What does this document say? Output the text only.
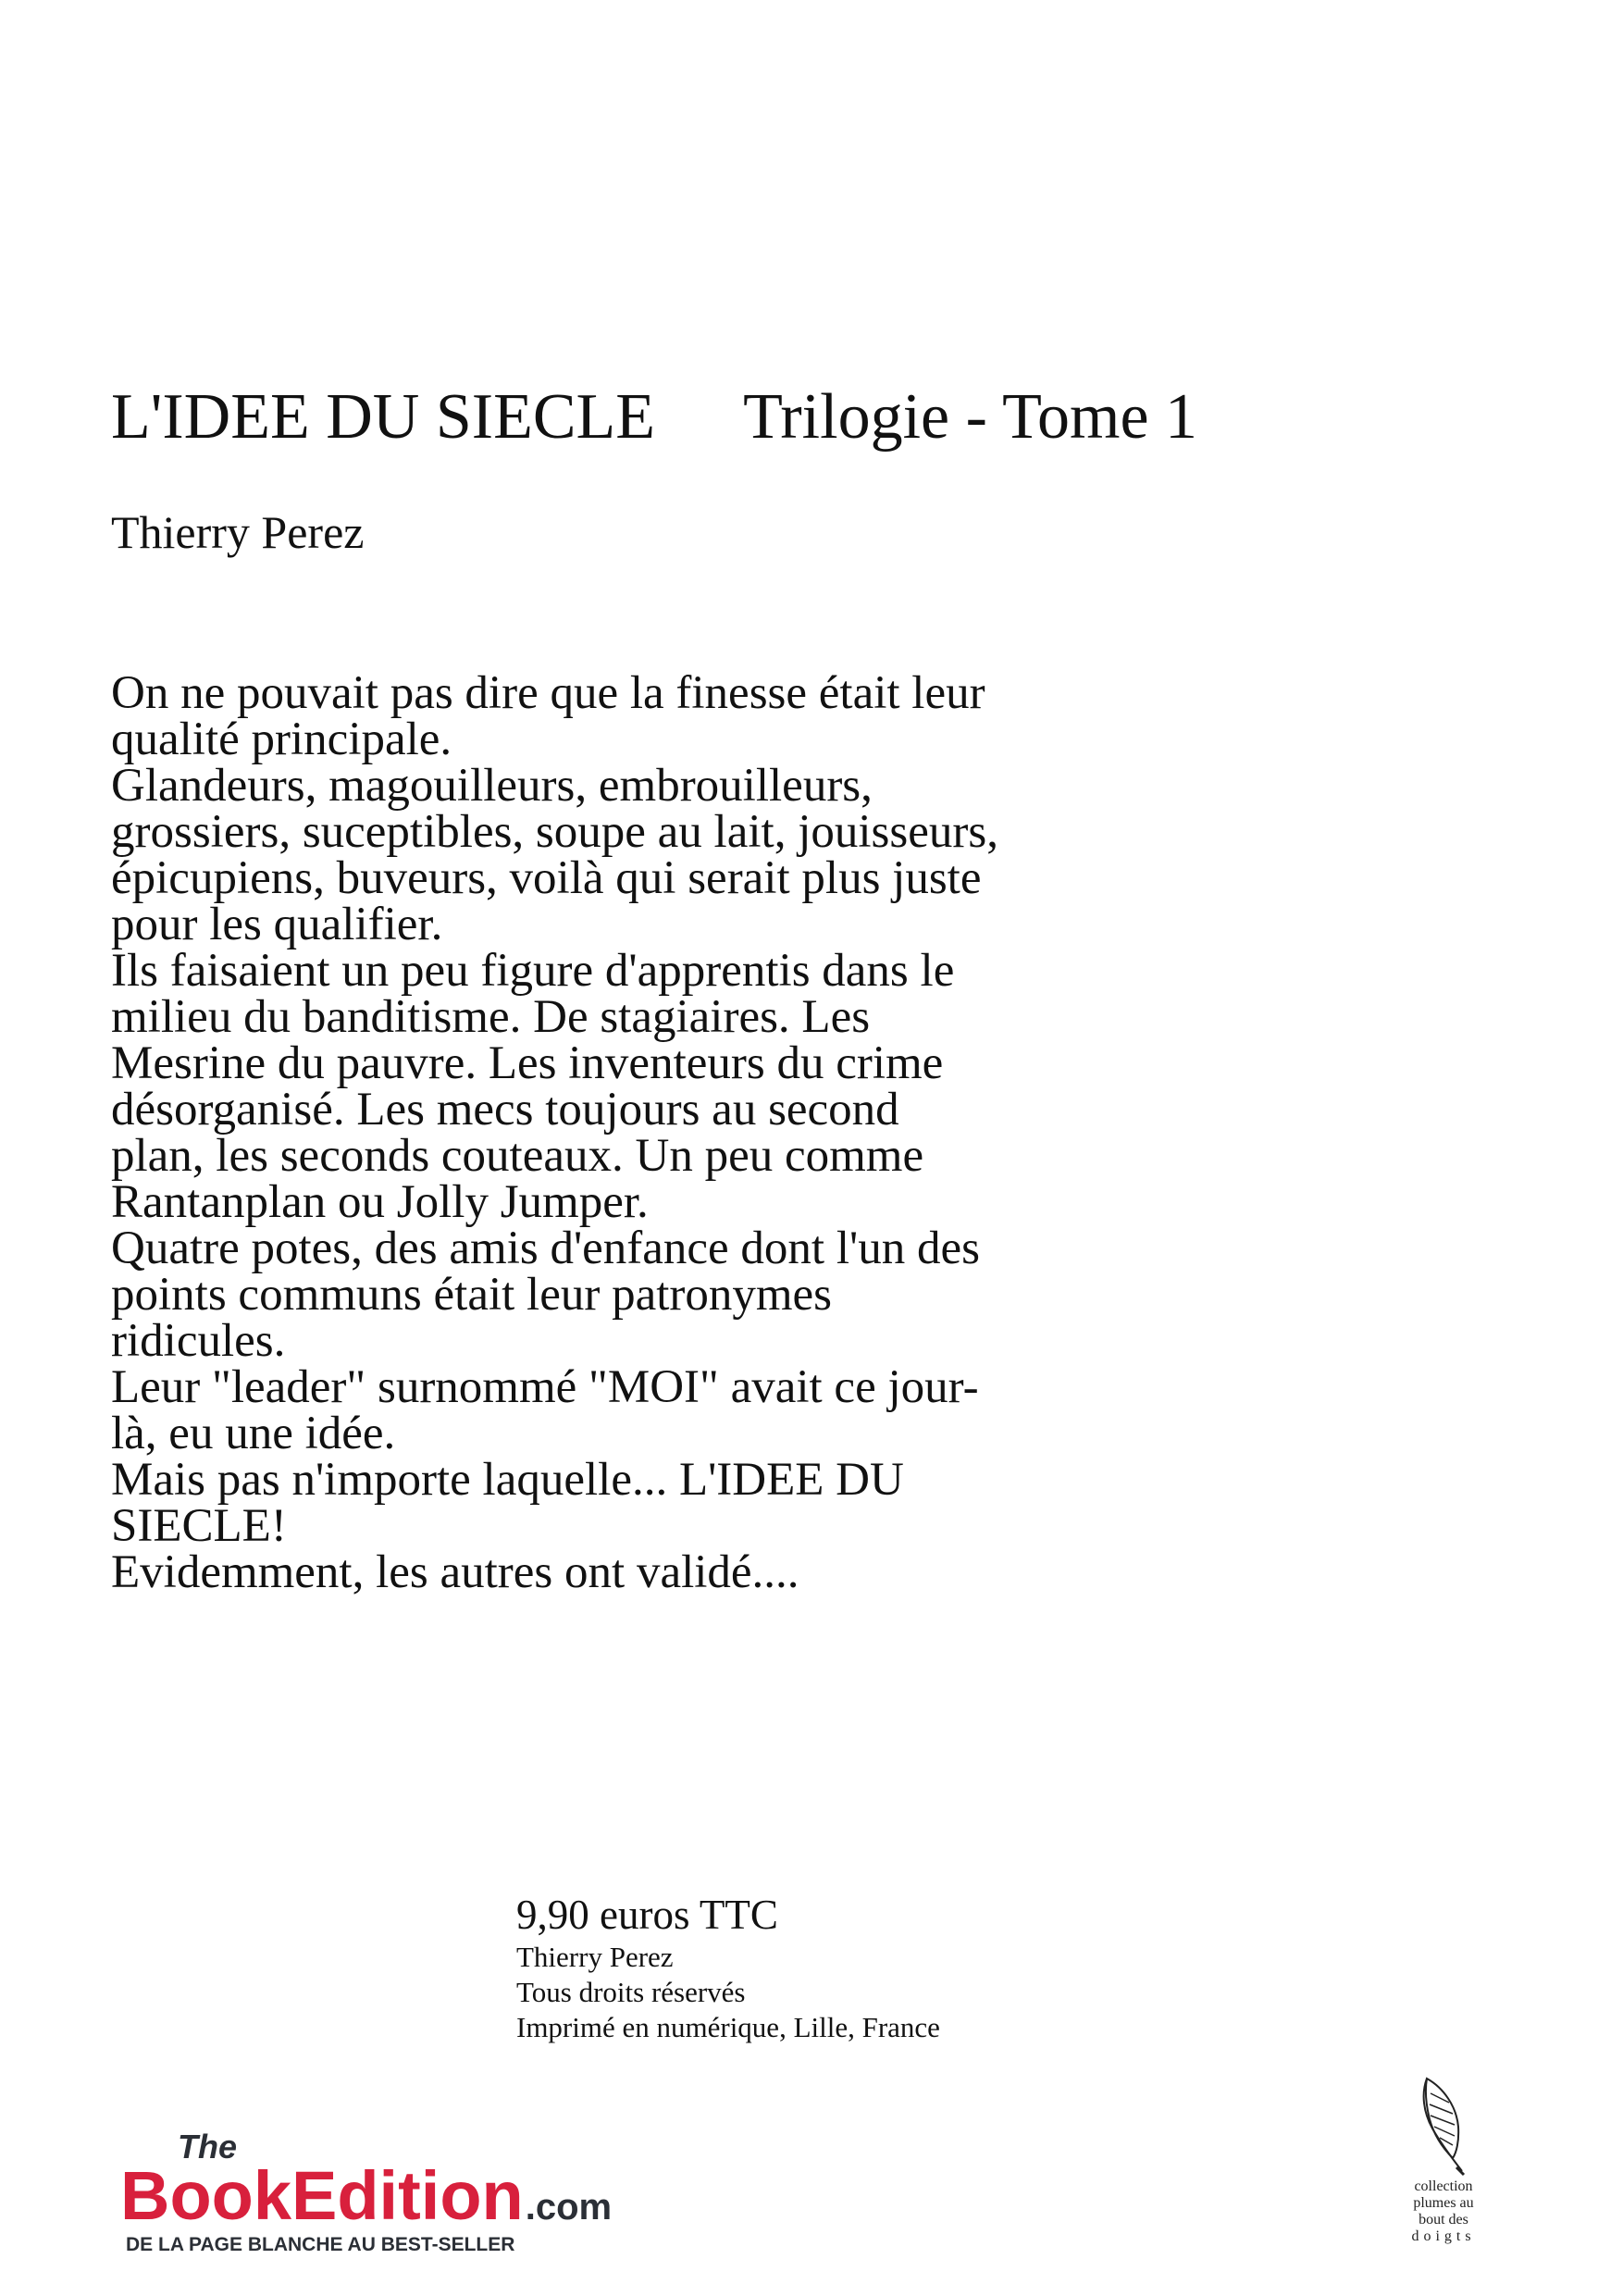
L'IDEE DU SIECLE Trilogie - Tome 1
Thierry Perez
On ne pouvait pas dire que la finesse était leur
qualité principale.
Glandeurs, magouilleurs, embrouilleurs,
grossiers, suceptibles, soupe au lait, jouisseurs,
épicupiens, buveurs, voilà qui serait plus juste
pour les qualifier.
Ils faisaient un peu figure d'apprentis dans le
milieu du banditisme. De stagiaires. Les
Mesrine du pauvre. Les inventeurs du crime
désorganisé. Les mecs toujours au second
plan, les seconds couteaux. Un peu comme
Rantanplan ou Jolly Jumper.
Quatre potes, des amis d'enfance dont l'un des
points communs était leur patronymes
ridicules.
Leur "leader" surnommé "MOI" avait ce jour-
là, eu une idée.
Mais pas n'importe laquelle... L'IDEE DU
SIECLE!
Evidemment, les autres ont validé....
9,90 euros TTC
Thierry Perez
Tous droits réservés
Imprimé en numérique, Lille, France
The
BookEdition.com
DE LA PAGE BLANCHE AU BEST-SELLER
collection
plumes au
bout des
doigts
